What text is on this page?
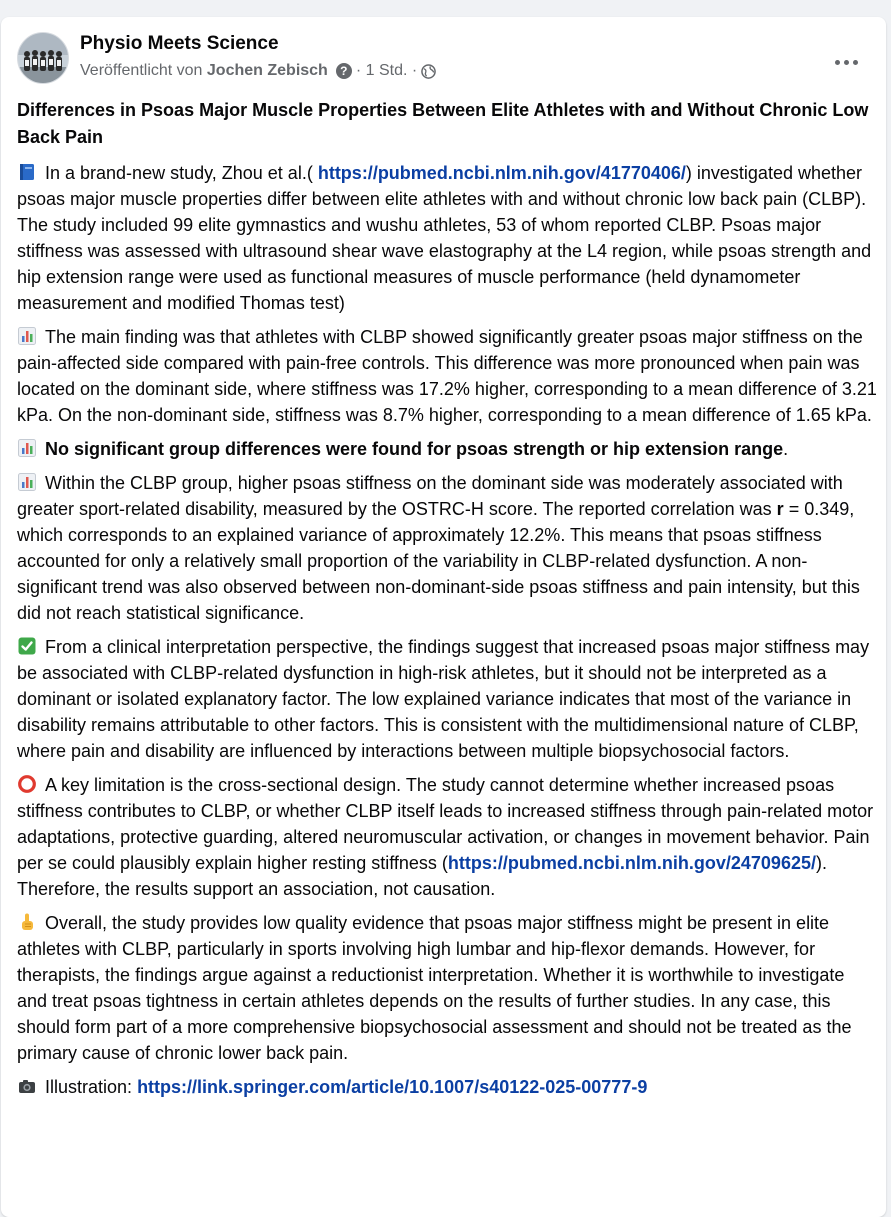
Physio Meets Science
Veröffentlicht von
Jochen Zebisch	? ·
1 Std.
·

Differences in Psoas Major Muscle Properties Between Elite Athletes with and Without Chronic Low Back Pain

In a brand-new study, Zhou et al.( https://pubmed.ncbi.nlm.nih.gov/41770406/) investigated whether psoas major muscle properties differ between elite athletes with and without chronic low back pain (CLBP). The study included 99 elite gymnastics and wushu athletes, 53 of whom reported CLBP. Psoas major stiffness was assessed with ultrasound shear wave elastography at the L4 region, while psoas strength and hip extension range were used as functional measures of muscle performance (held dynamometer measurement and modified Thomas test)

The main finding was that athletes with CLBP showed significantly greater psoas major stiffness on the pain-affected side compared with pain-free controls. This difference was more pronounced when pain was located on the dominant side, where stiffness was 17.2% higher, corresponding to a mean difference of 3.21 kPa. On the non-dominant side, stiffness was 8.7% higher, corresponding to a mean difference of 1.65 kPa.

No significant group differences were found for psoas strength or hip extension range.

Within the CLBP group, higher psoas stiffness on the dominant side was moderately associated with greater sport-related disability, measured by the OSTRC-H score. The reported correlation was r = 0.349, which corresponds to an explained variance of approximately 12.2%. This means that psoas stiffness accounted for only a relatively small proportion of the variability in CLBP-related dysfunction. A non-significant trend was also observed between non-dominant-side psoas stiffness and pain intensity, but this did not reach statistical significance.

From a clinical interpretation perspective, the findings suggest that increased psoas major stiffness may be associated with CLBP-related dysfunction in high-risk athletes, but it should not be interpreted as a dominant or isolated explanatory factor. The low explained variance indicates that most of the variance in disability remains attributable to other factors. This is consistent with the multidimensional nature of CLBP, where pain and disability are influenced by interactions between multiple biopsychosocial factors.

A key limitation is the cross-sectional design. The study cannot determine whether increased psoas stiffness contributes to CLBP, or whether CLBP itself leads to increased stiffness through pain-related motor adaptations, protective guarding, altered neuromuscular activation, or changes in movement behavior. Pain per se could plausibly explain higher resting stiffness (https://pubmed.ncbi.nlm.nih.gov/24709625/). Therefore, the results support an association, not causation.

Overall, the study provides low quality evidence that psoas major stiffness might be present in elite athletes with CLBP, particularly in sports involving high lumbar and hip-flexor demands. However, for therapists, the findings argue against a reductionist interpretation. Whether it is worthwhile to investigate and treat psoas tightness in certain athletes depends on the results of further studies. In any case, this should form part of a more comprehensive biopsychosocial assessment and should not be treated as the primary cause of chronic lower back pain.

Illustration: https://link.springer.com/article/10.1007/s40122-025-00777-9
